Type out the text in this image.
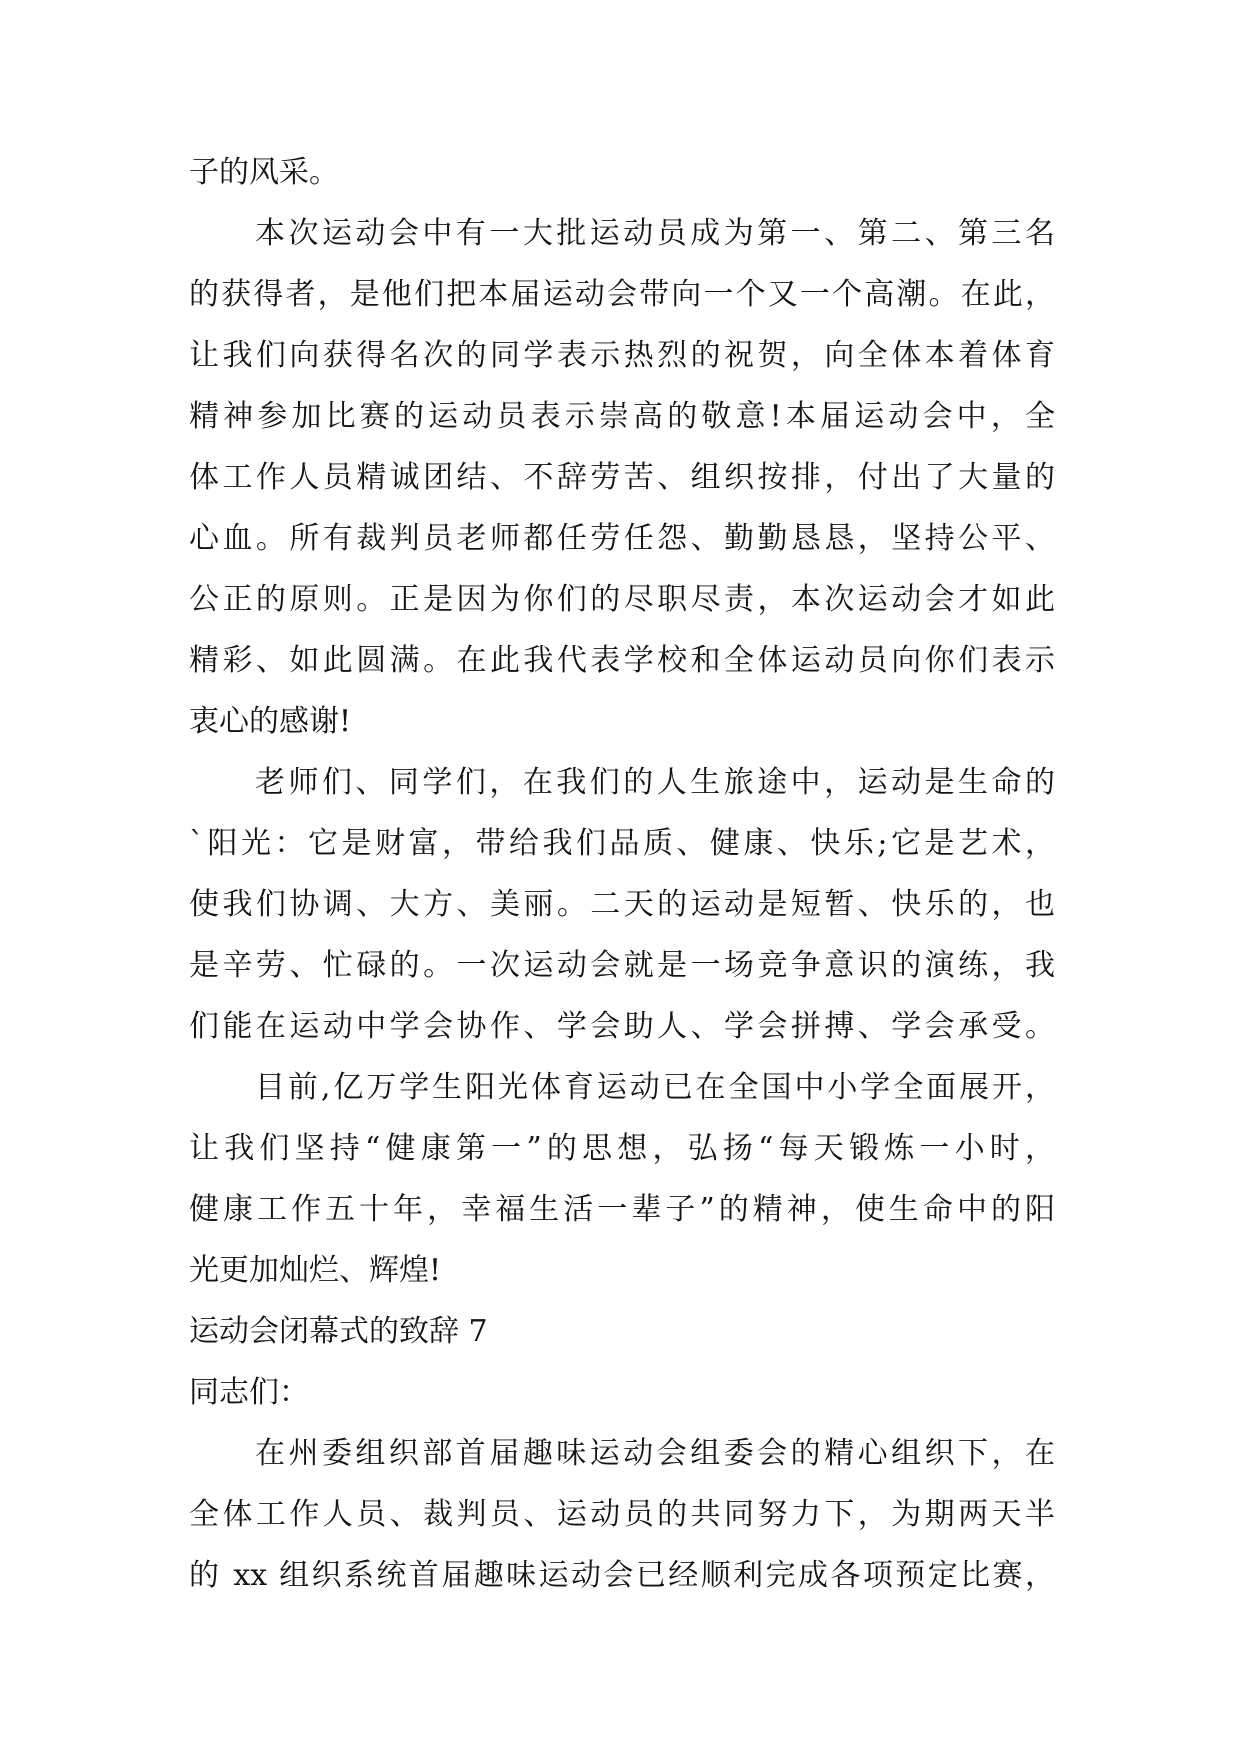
子的风采。
本次运动会中有一大批运动员成为第一、第二、第三名
的获得者，是他们把本届运动会带向一个又一个高潮。在此，
让我们向获得名次的同学表示热烈的祝贺，向全体本着体育
精神参加比赛的运动员表示崇高的敬意!本届运动会中，全
体工作人员精诚团结、不辞劳苦、组织按排，付出了大量的
心血。所有裁判员老师都任劳任怨、勤勤恳恳，坚持公平、
公正的原则。正是因为你们的尽职尽责，本次运动会才如此
精彩、如此圆满。在此我代表学校和全体运动员向你们表示
衷心的感谢!
老师们、同学们，在我们的人生旅途中，运动是生命的
`阳光：它是财富，带给我们品质、健康、快乐;它是艺术，
使我们协调、大方、美丽。二天的运动是短暂、快乐的，也
是辛劳、忙碌的。一次运动会就是一场竞争意识的演练，我
们能在运动中学会协作、学会助人、学会拼搏、学会承受。
目前,亿万学生阳光体育运动已在全国中小学全面展开，
让我们坚持“健康第一”的思想，弘扬“每天锻炼一小时，
健康工作五十年，幸福生活一辈子”的精神，使生命中的阳
光更加灿烂、辉煌!
运动会闭幕式的致辞 7
同志们：
在州委组织部首届趣味运动会组委会的精心组织下，在
全体工作人员、裁判员、运动员的共同努力下，为期两天半
的 xx 组织系统首届趣味运动会已经顺利完成各项预定比赛，
